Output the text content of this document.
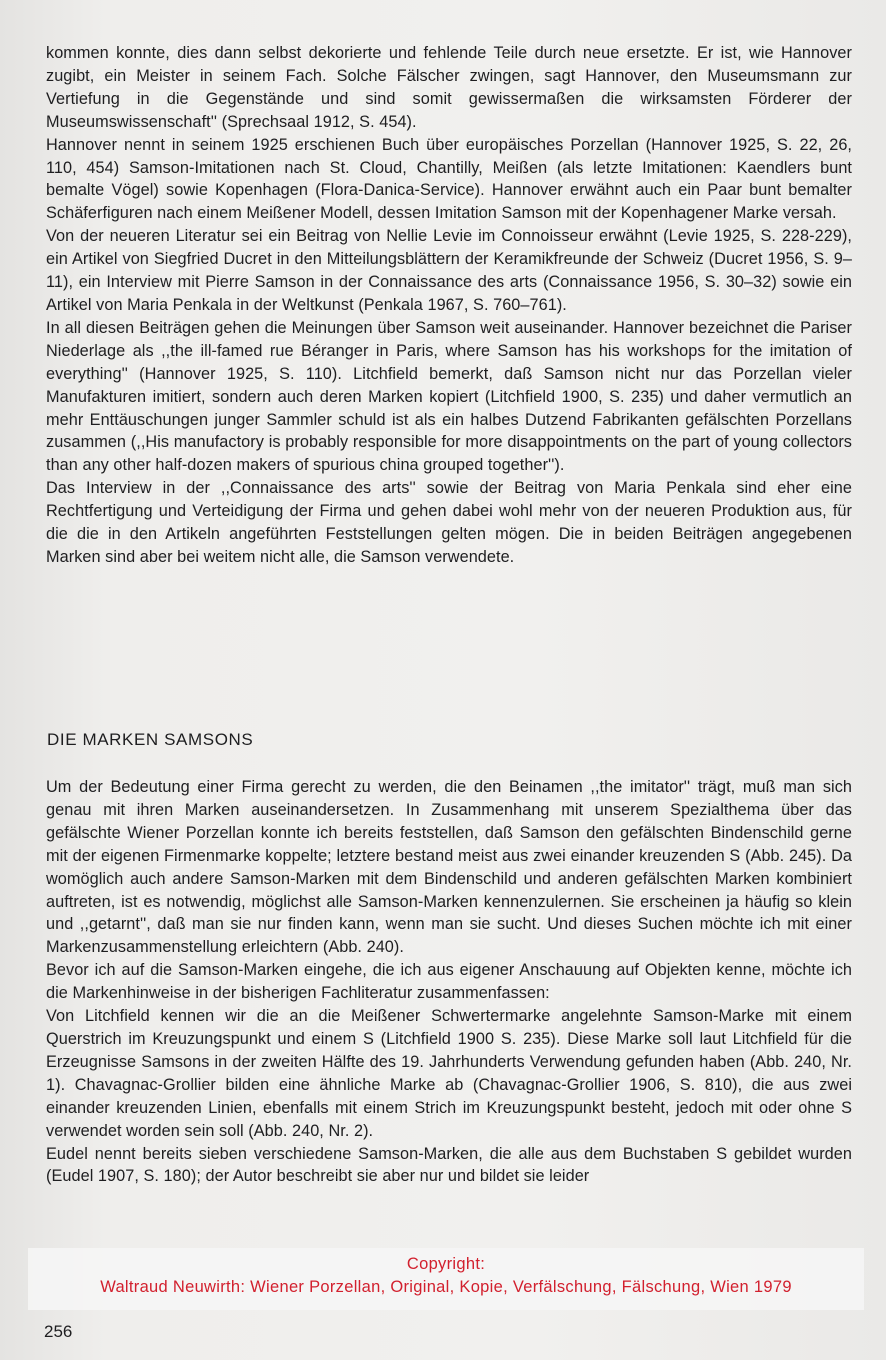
kommen konnte, dies dann selbst dekorierte und fehlende Teile durch neue ersetzte. Er ist, wie Hannover zugibt, ein Meister in seinem Fach. Solche Fälscher zwingen, sagt Hannover, den Museumsmann zur Vertiefung in die Gegenstände und sind somit gewissermaßen die wirksamsten Förderer der Museumswissenschaft'' (Sprechsaal 1912, S. 454).

Hannover nennt in seinem 1925 erschienen Buch über europäisches Porzellan (Hannover 1925, S. 22, 26, 110, 454) Samson-Imitationen nach St. Cloud, Chantilly, Meißen (als letzte Imitationen: Kaendlers bunt bemalte Vögel) sowie Kopenhagen (Flora-Danica-Service). Hannover erwähnt auch ein Paar bunt bemalter Schäferfiguren nach einem Meißener Modell, dessen Imitation Samson mit der Kopenhagener Marke versah.

Von der neueren Literatur sei ein Beitrag von Nellie Levie im Connoisseur erwähnt (Levie 1925, S. 228-229), ein Artikel von Siegfried Ducret in den Mitteilungsblättern der Keramikfreunde der Schweiz (Ducret 1956, S. 9–11), ein Interview mit Pierre Samson in der Connaissance des arts (Connaissance 1956, S. 30–32) sowie ein Artikel von Maria Penkala in der Weltkunst (Penkala 1967, S. 760–761).

In all diesen Beiträgen gehen die Meinungen über Samson weit auseinander. Hannover bezeichnet die Pariser Niederlage als ,,the ill-famed rue Béranger in Paris, where Samson has his workshops for the imitation of everything'' (Hannover 1925, S. 110). Litchfield bemerkt, daß Samson nicht nur das Porzellan vieler Manufakturen imitiert, sondern auch deren Marken kopiert (Litchfield 1900, S. 235) und daher vermutlich an mehr Enttäuschungen junger Sammler schuld ist als ein halbes Dutzend Fabrikanten gefälschten Porzellans zusammen (,,His manufactory is probably responsible for more disappointments on the part of young collectors than any other half-dozen makers of spurious china grouped together'').

Das Interview in der ,,Connaissance des arts'' sowie der Beitrag von Maria Penkala sind eher eine Rechtfertigung und Verteidigung der Firma und gehen dabei wohl mehr von der neueren Produktion aus, für die die in den Artikeln angeführten Feststellungen gelten mögen. Die in beiden Beiträgen angegebenen Marken sind aber bei weitem nicht alle, die Samson verwendete.

DIE MARKEN SAMSONS

Um der Bedeutung einer Firma gerecht zu werden, die den Beinamen ,,the imitator'' trägt, muß man sich genau mit ihren Marken auseinandersetzen. In Zusammenhang mit unserem Spezialthema über das gefälschte Wiener Porzellan konnte ich bereits feststellen, daß Samson den gefälschten Bindenschild gerne mit der eigenen Firmenmarke koppelte; letztere bestand meist aus zwei einander kreuzenden S (Abb. 245). Da womöglich auch andere Samson-Marken mit dem Bindenschild und anderen gefälschten Marken kombiniert auftreten, ist es notwendig, möglichst alle Samson-Marken kennenzulernen. Sie erscheinen ja häufig so klein und ,,getarnt'', daß man sie nur finden kann, wenn man sie sucht. Und dieses Suchen möchte ich mit einer Markenzusammenstellung erleichtern (Abb. 240).

Bevor ich auf die Samson-Marken eingehe, die ich aus eigener Anschauung auf Objekten kenne, möchte ich die Markenhinweise in der bisherigen Fachliteratur zusammenfassen:

Von Litchfield kennen wir die an die Meißener Schwertermarke angelehnte Samson-Marke mit einem Querstrich im Kreuzungspunkt und einem S (Litchfield 1900 S. 235). Diese Marke soll laut Litchfield für die Erzeugnisse Samsons in der zweiten Hälfte des 19. Jahrhunderts Verwendung gefunden haben (Abb. 240, Nr. 1). Chavagnac-Grollier bilden eine ähnliche Marke ab (Chavagnac-Grollier 1906, S. 810), die aus zwei einander kreuzenden Linien, ebenfalls mit einem Strich im Kreuzungspunkt besteht, jedoch mit oder ohne S verwendet worden sein soll (Abb. 240, Nr. 2).

Eudel nennt bereits sieben verschiedene Samson-Marken, die alle aus dem Buchstaben S gebildet wurden (Eudel 1907, S. 180); der Autor beschreibt sie aber nur und bildet sie leider

Copyright:
Waltraud Neuwirth: Wiener Porzellan, Original, Kopie, Verfälschung, Fälschung, Wien 1979
256
